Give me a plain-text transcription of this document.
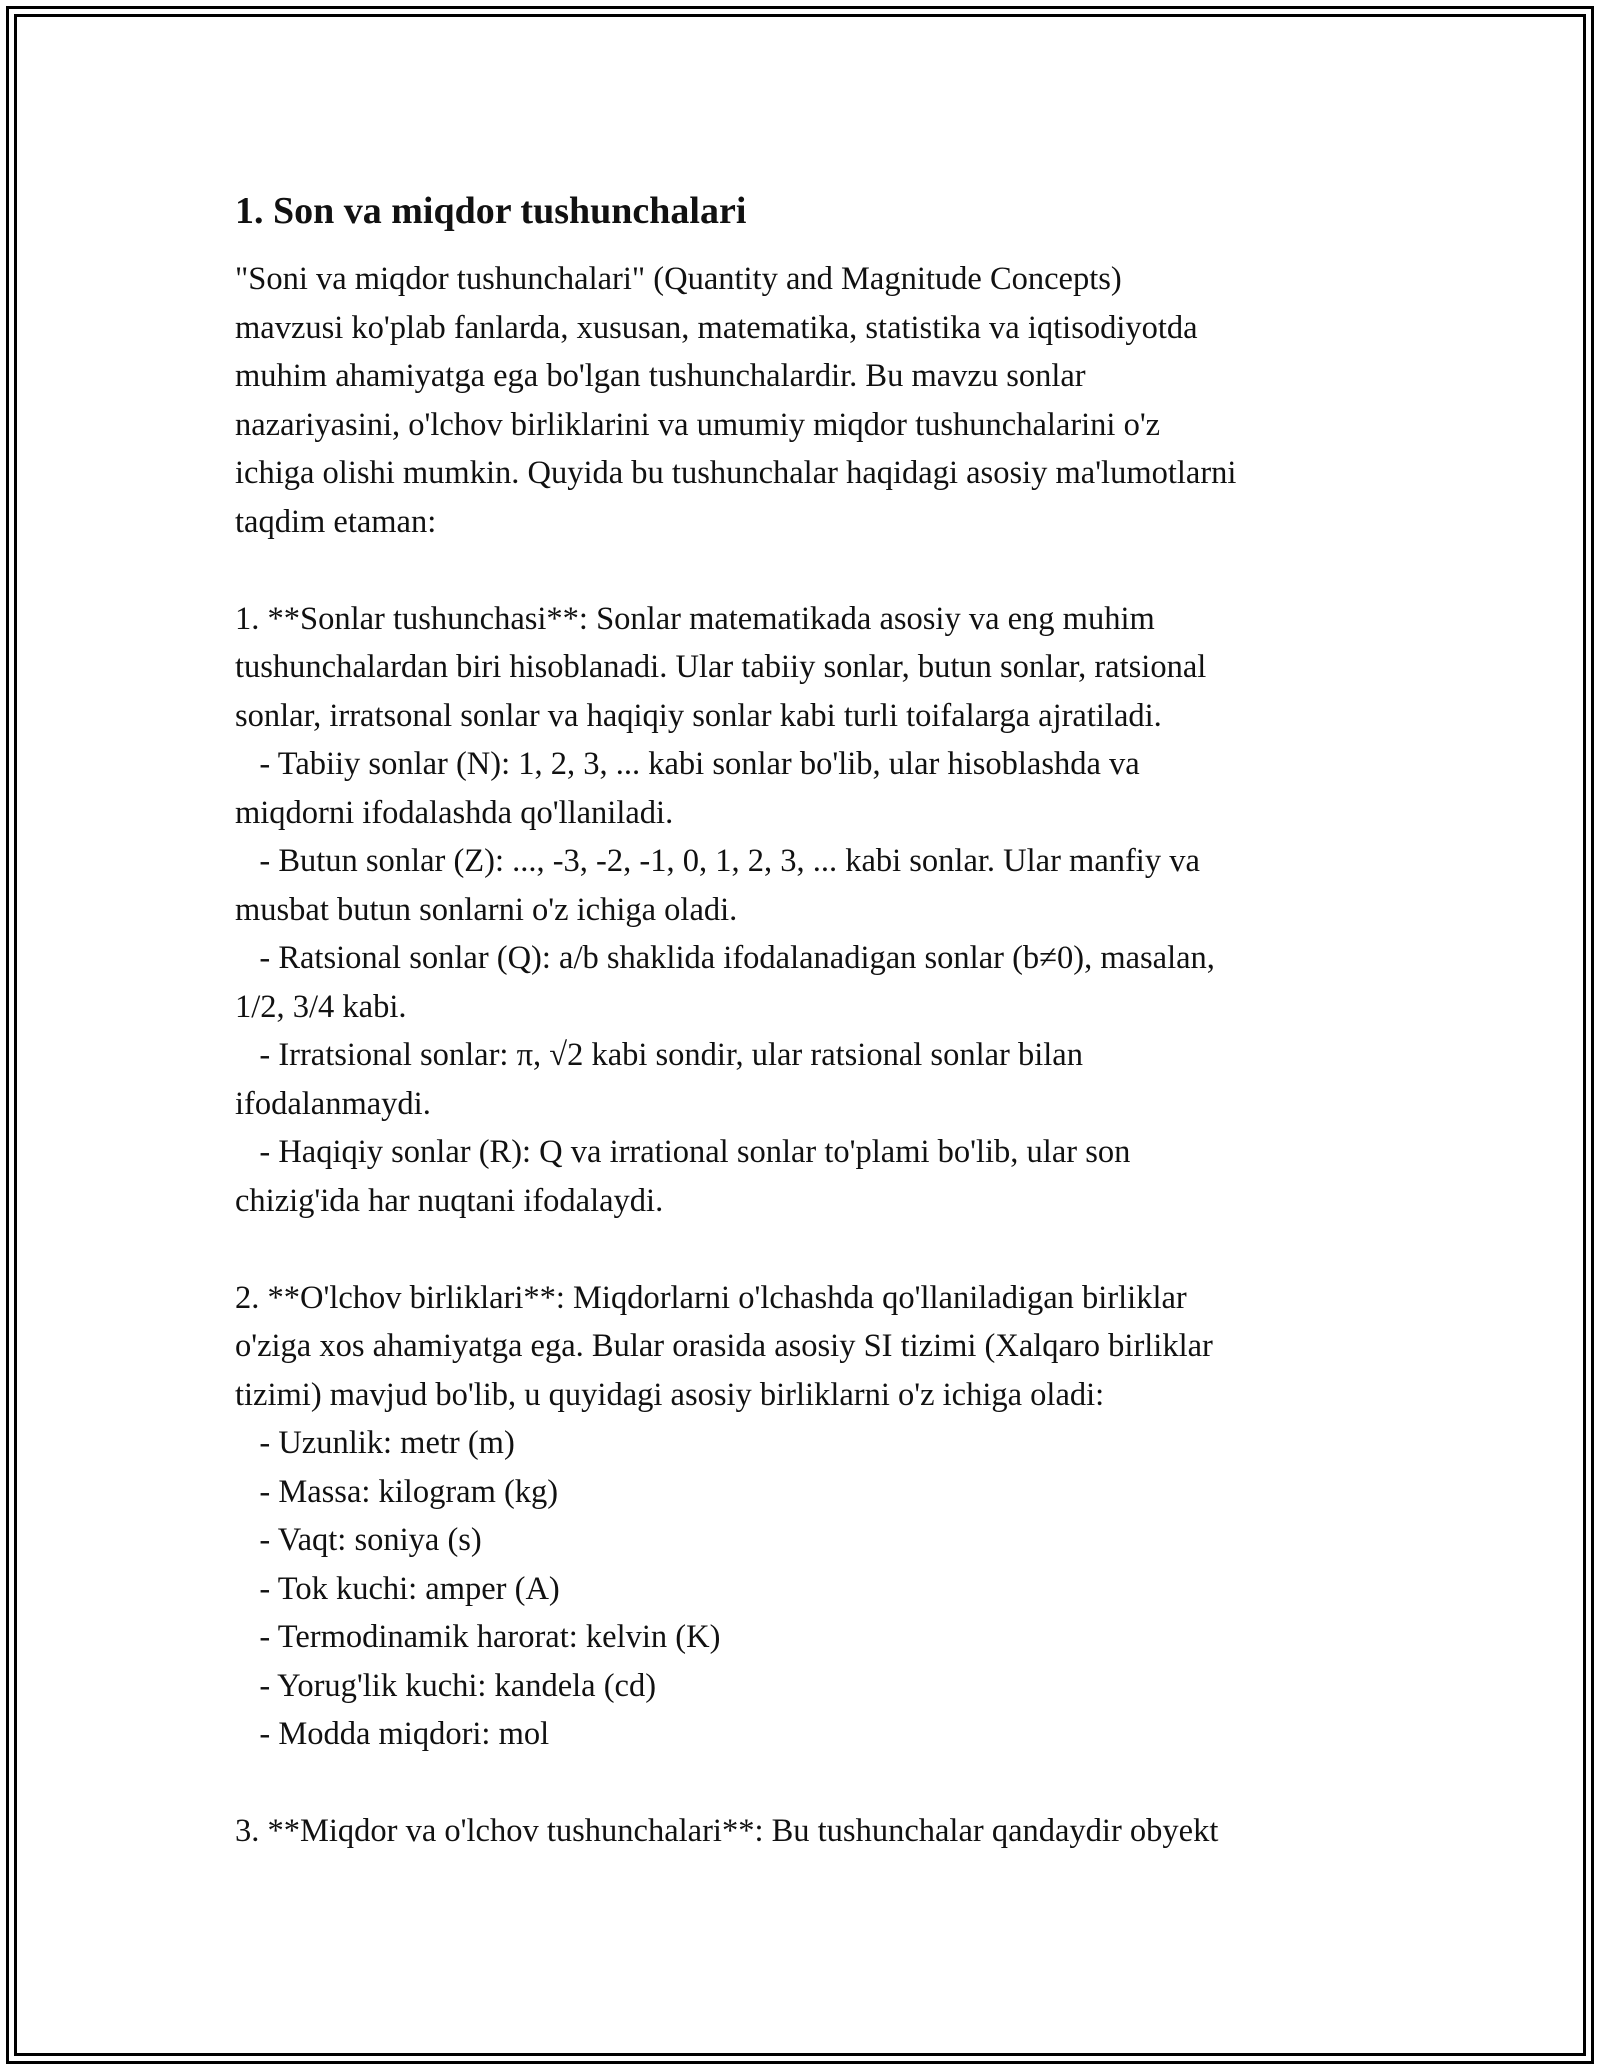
1. Son va miqdor tushunchalari
"Soni va miqdor tushunchalari" (Quantity and Magnitude Concepts)
mavzusi ko'plab fanlarda, xususan, matematika, statistika va iqtisodiyotda
muhim ahamiyatga ega bo'lgan tushunchalardir. Bu mavzu sonlar
nazariyasini, o'lchov birliklarini va umumiy miqdor tushunchalarini o'z
ichiga olishi mumkin. Quyida bu tushunchalar haqidagi asosiy ma'lumotlarni
taqdim etaman:
1. **Sonlar tushunchasi**: Sonlar matematikada asosiy va eng muhim
tushunchalardan biri hisoblanadi. Ular tabiiy sonlar, butun sonlar, ratsional
sonlar, irratsonal sonlar va haqiqiy sonlar kabi turli toifalarga ajratiladi.
- Tabiiy sonlar (N): 1, 2, 3, ... kabi sonlar bo'lib, ular hisoblashda va
miqdorni ifodalashda qo'llaniladi.
- Butun sonlar (Z): ..., -3, -2, -1, 0, 1, 2, 3, ... kabi sonlar. Ular manfiy va
musbat butun sonlarni o'z ichiga oladi.
- Ratsional sonlar (Q): a/b shaklida ifodalanadigan sonlar (b≠0), masalan,
1/2, 3/4 kabi.
- Irratsional sonlar: π, √2 kabi sondir, ular ratsional sonlar bilan
ifodalanmaydi.
- Haqiqiy sonlar (R): Q va irrational sonlar to'plami bo'lib, ular son
chizig'ida har nuqtani ifodalaydi.
2. **O'lchov birliklari**: Miqdorlarni o'lchashda qo'llaniladigan birliklar
o'ziga xos ahamiyatga ega. Bular orasida asosiy SI tizimi (Xalqaro birliklar
tizimi) mavjud bo'lib, u quyidagi asosiy birliklarni o'z ichiga oladi:
- Uzunlik: metr (m)
- Massa: kilogram (kg)
- Vaqt: soniya (s)
- Tok kuchi: amper (A)
- Termodinamik harorat: kelvin (K)
- Yorug'lik kuchi: kandela (cd)
- Modda miqdori: mol
3. **Miqdor va o'lchov tushunchalari**: Bu tushunchalar qandaydir obyekt
